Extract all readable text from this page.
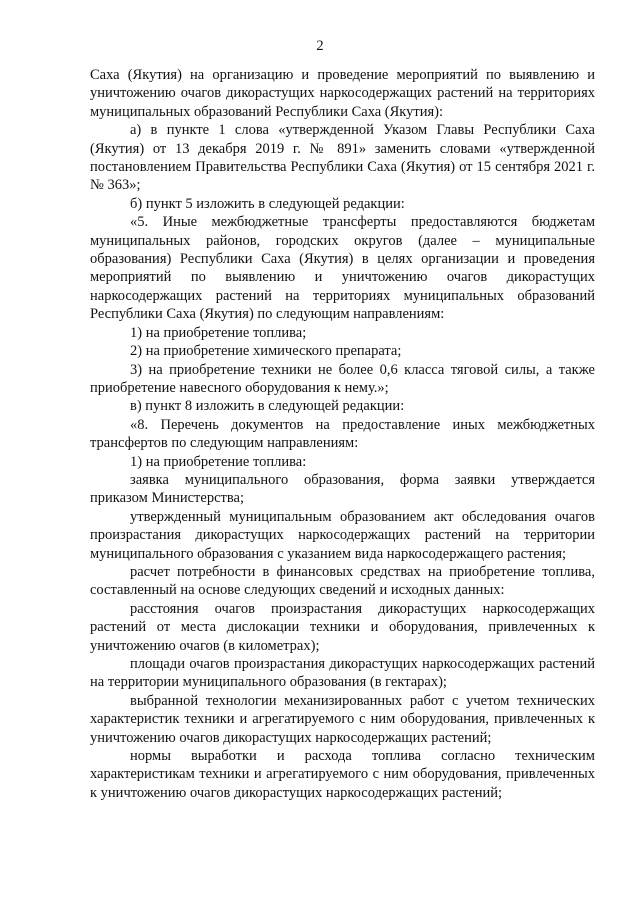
2

Саха (Якутия) на организацию и проведение мероприятий по выявлению и уничтожению очагов дикорастущих наркосодержащих растений на территориях муниципальных образований Республики Саха (Якутия):

а) в пункте 1 слова «утвержденной Указом Главы Республики Саха (Якутия) от 13 декабря 2019 г. № 891» заменить словами «утвержденной постановлением Правительства Республики Саха (Якутия) от 15 сентября 2021 г. № 363»;

б) пункт 5 изложить в следующей редакции:

«5. Иные межбюджетные трансферты предоставляются бюджетам муниципальных районов, городских округов (далее – муниципальные образования) Республики Саха (Якутия) в целях организации и проведения мероприятий по выявлению и уничтожению очагов дикорастущих наркосодержащих растений на территориях муниципальных образований Республики Саха (Якутия) по следующим направлениям:

1) на приобретение топлива;

2) на приобретение химического препарата;

3) на приобретение техники не более 0,6 класса тяговой силы, а также приобретение навесного оборудования к нему.»;

в) пункт 8 изложить в следующей редакции:

«8. Перечень документов на предоставление иных межбюджетных трансфертов по следующим направлениям:

1) на приобретение топлива:

заявка муниципального образования, форма заявки утверждается приказом Министерства;

утвержденный муниципальным образованием акт обследования очагов произрастания дикорастущих наркосодержащих растений на территории муниципального образования с указанием вида наркосодержащего растения;

расчет потребности в финансовых средствах на приобретение топлива, составленный на основе следующих сведений и исходных данных:

расстояния очагов произрастания дикорастущих наркосодержащих растений от места дислокации техники и оборудования, привлеченных к уничтожению очагов (в километрах);

площади очагов произрастания дикорастущих наркосодержащих растений на территории муниципального образования (в гектарах);

выбранной технологии механизированных работ с учетом технических характеристик техники и агрегатируемого с ним оборудования, привлеченных к уничтожению очагов дикорастущих наркосодержащих растений;

нормы выработки и расхода топлива согласно техническим характеристикам техники и агрегатируемого с ним оборудования, привлеченных к уничтожению очагов дикорастущих наркосодержащих растений;
